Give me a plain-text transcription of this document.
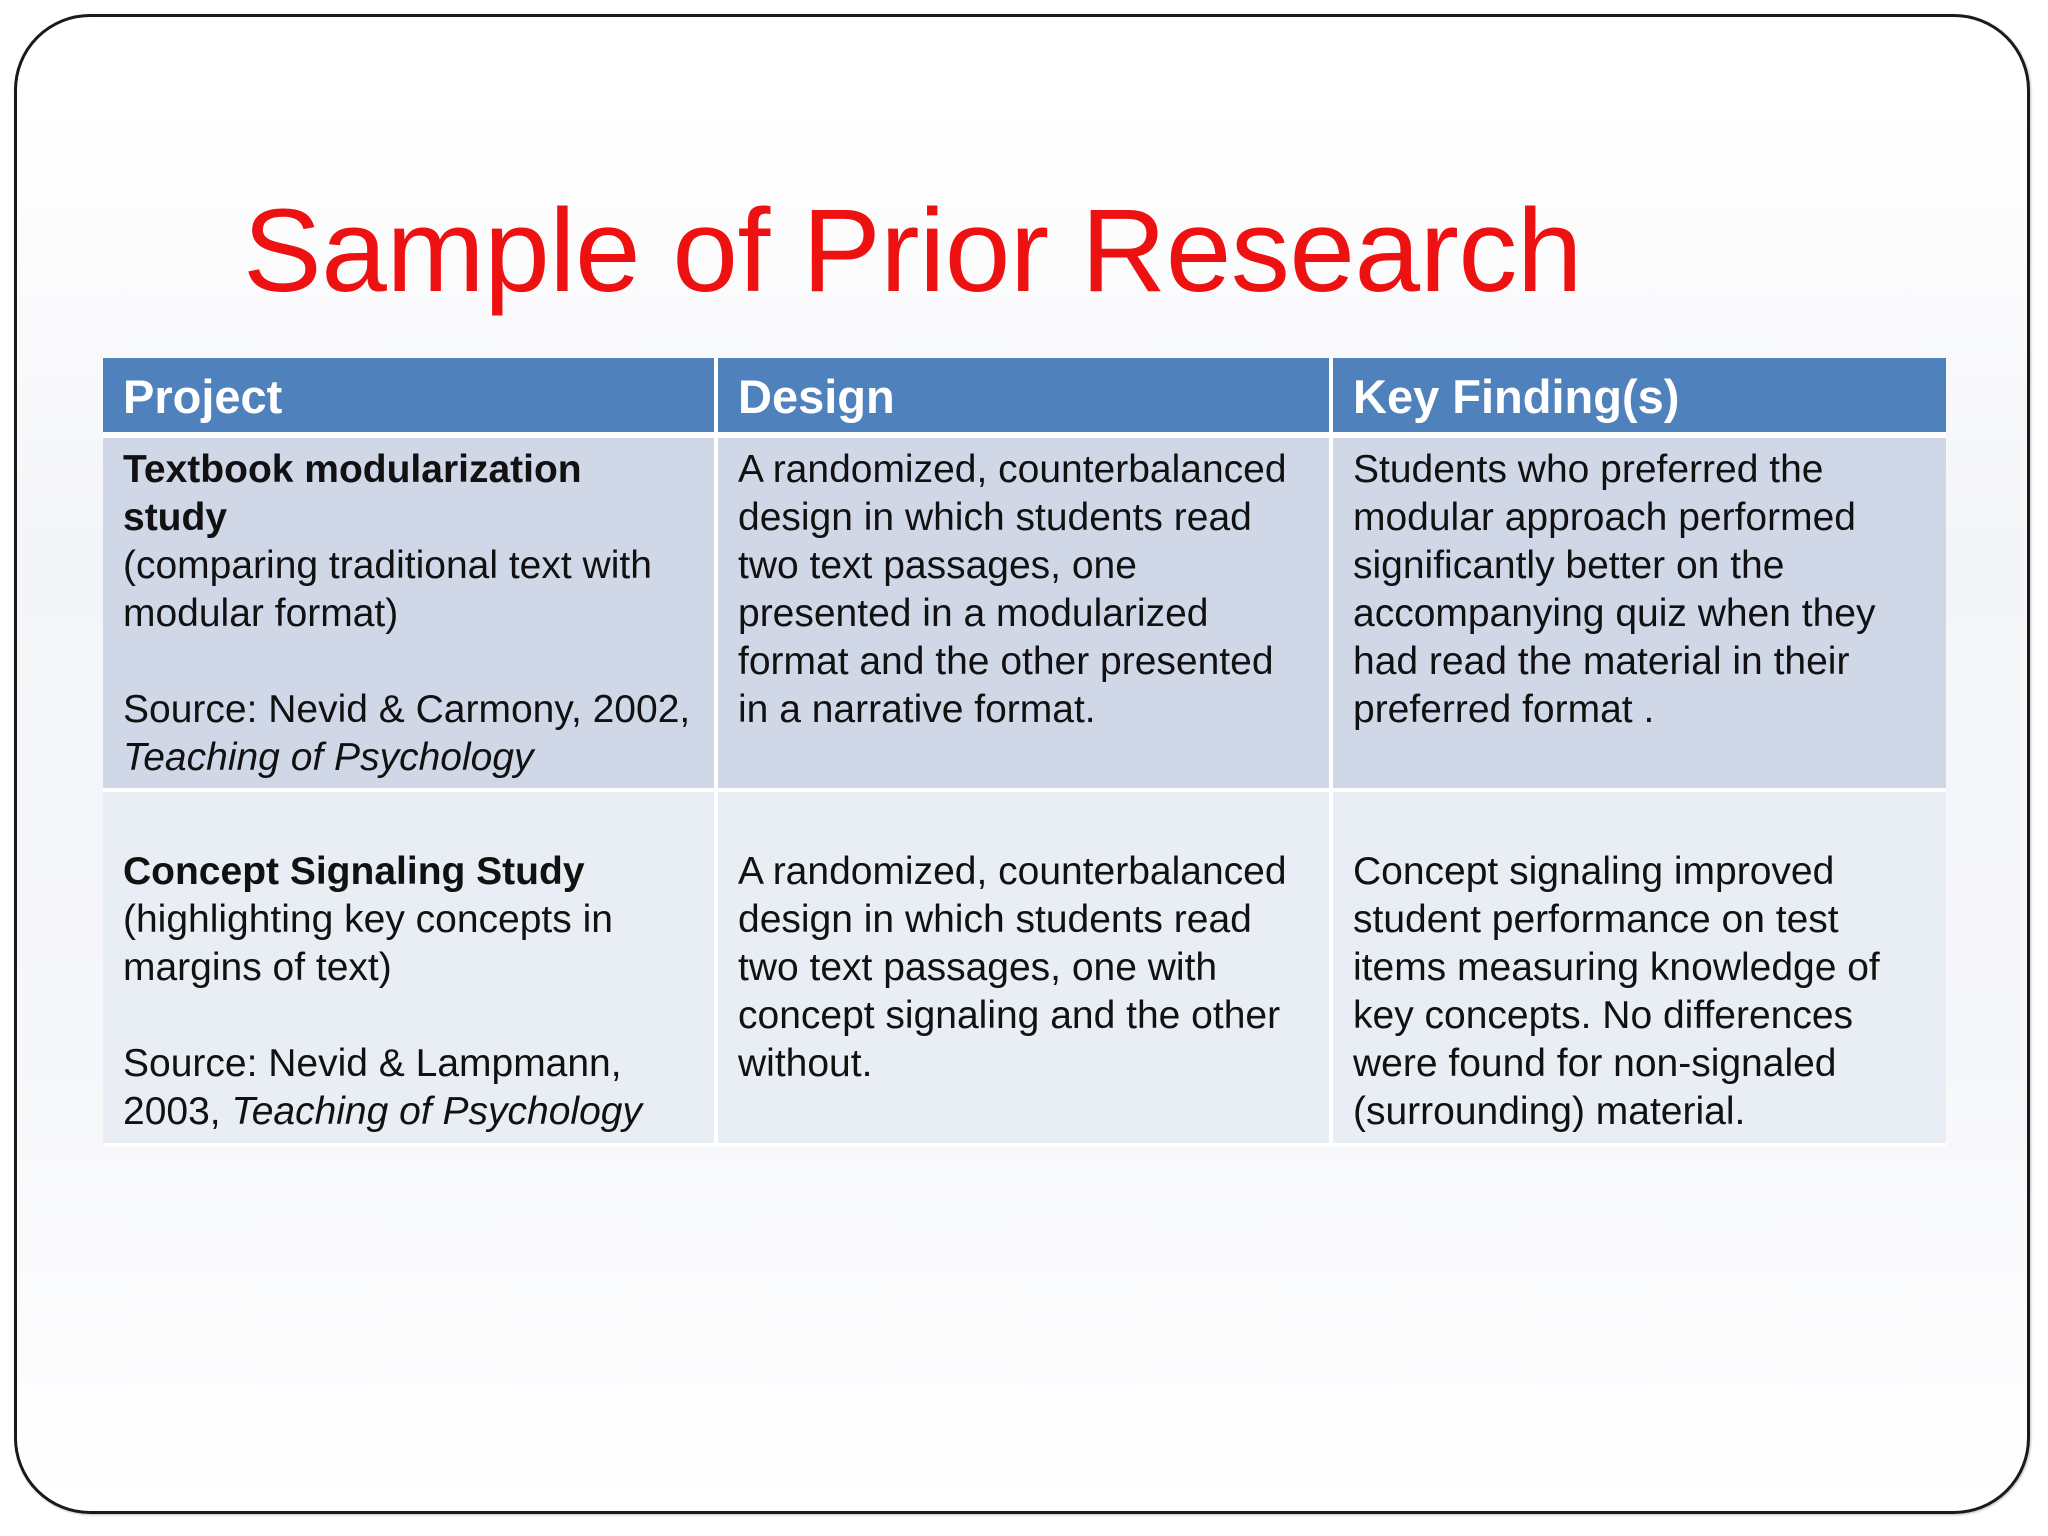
Sample of Prior Research
Project	Design	Key Finding(s)

Textbook modularization study
(comparing traditional text with modular format)
Source: Nevid & Carmony, 2002, Teaching of Psychology	A randomized, counterbalanced design in which students read two text passages, one presented in a modularized format and the other presented in a narrative format.	Students who preferred the modular approach performed significantly better on the accompanying quiz when they had read the material in their preferred format .

Concept Signaling Study
(highlighting key concepts in margins of text)
Source: Nevid & Lampmann, 2003, Teaching of Psychology	A randomized, counterbalanced design in which students read two text passages, one with concept signaling and the other without.	Concept signaling improved student performance on test items measuring knowledge of key concepts. No differences were found for non-signaled (surrounding) material.
